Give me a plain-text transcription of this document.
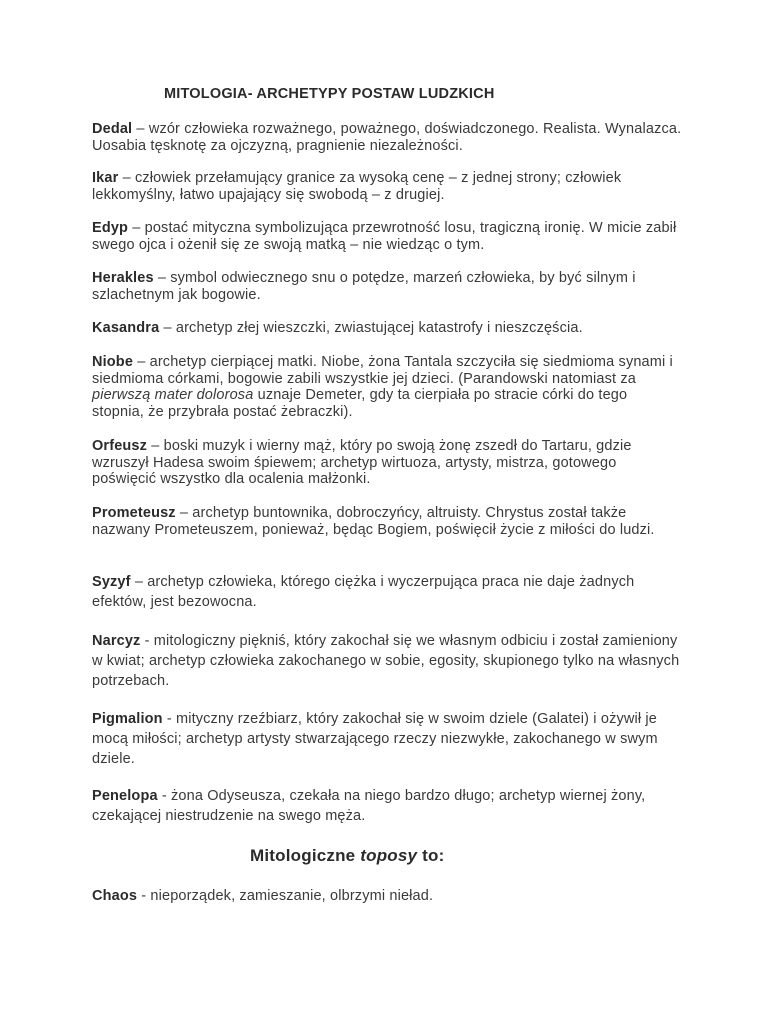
MITOLOGIA- ARCHETYPY POSTAW LUDZKICH

Dedal – wzór człowieka rozważnego, poważnego, doświadczonego. Realista. Wynalazca. Uosabia tęsknotę za ojczyzną, pragnienie niezależności.

Ikar – człowiek przełamujący granice za wysoką cenę – z jednej strony; człowiek lekkomyślny, łatwo upajający się swobodą – z drugiej.

Edyp – postać mityczna symbolizująca przewrotność losu, tragiczną ironię. W micie zabił swego ojca i ożenił się ze swoją matką – nie wiedząc o tym.

Herakles – symbol odwiecznego snu o potędze, marzeń człowieka, by być silnym i szlachetnym jak bogowie.

Kasandra – archetyp złej wieszczki, zwiastującej katastrofy i nieszczęścia.

Niobe – archetyp cierpiącej matki. Niobe, żona Tantala szczyciła się siedmioma synami i siedmioma córkami, bogowie zabili wszystkie jej dzieci. (Parandowski natomiast za pierwszą mater dolorosa uznaje Demeter, gdy ta cierpiała po stracie córki do tego stopnia, że przybrała postać żebraczki).

Orfeusz – boski muzyk i wierny mąż, który po swoją żonę zszedł do Tartaru, gdzie wzruszył Hadesa swoim śpiewem; archetyp wirtuoza, artysty, mistrza, gotowego poświęcić wszystko dla ocalenia małżonki.

Prometeusz – archetyp buntownika, dobroczyńcy, altruisty. Chrystus został także nazwany Prometeuszem, ponieważ, będąc Bogiem, poświęcił życie z miłości do ludzi.

Syzyf – archetyp człowieka, którego ciężka i wyczerpująca praca nie daje żadnych efektów, jest bezowocna.

Narcyz - mitologiczny piękniś, który zakochał się we własnym odbiciu i został zamieniony w kwiat; archetyp człowieka zakochanego w sobie, egosity, skupionego tylko na własnych potrzebach.

Pigmalion - mityczny rzeźbiarz, który zakochał się w swoim dziele (Galatei) i ożywił je mocą miłości; archetyp artysty stwarzającego rzeczy niezwykłe, zakochanego w swym dziele.

Penelopa - żona Odyseusza, czekała na niego bardzo długo; archetyp wiernej żony, czekającej niestrudzenie na swego męża.

Mitologiczne toposy to:

Chaos - nieporządek, zamieszanie, olbrzymi nieład.
